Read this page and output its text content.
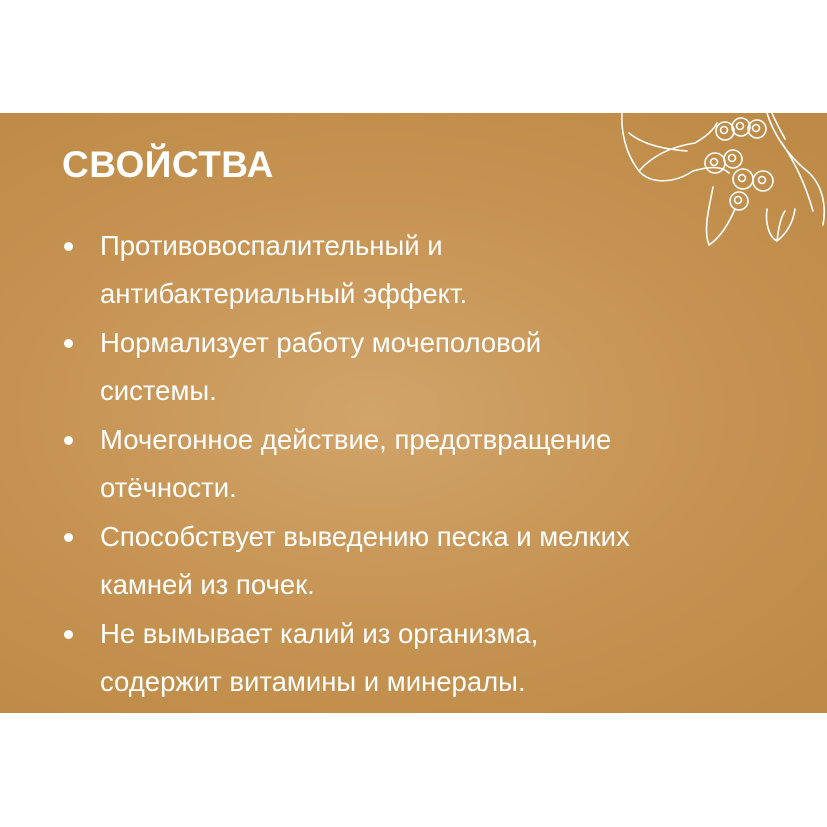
СВОЙСТВА
Противовоспалительный и
антибактериальный эффект.
Нормализует работу мочеполовой
системы.
Мочегонное действие, предотвращение
отёчности.
Способствует выведению песка и мелких
камней из почек.
Не вымывает калий из организма,
содержит витамины и минералы.
